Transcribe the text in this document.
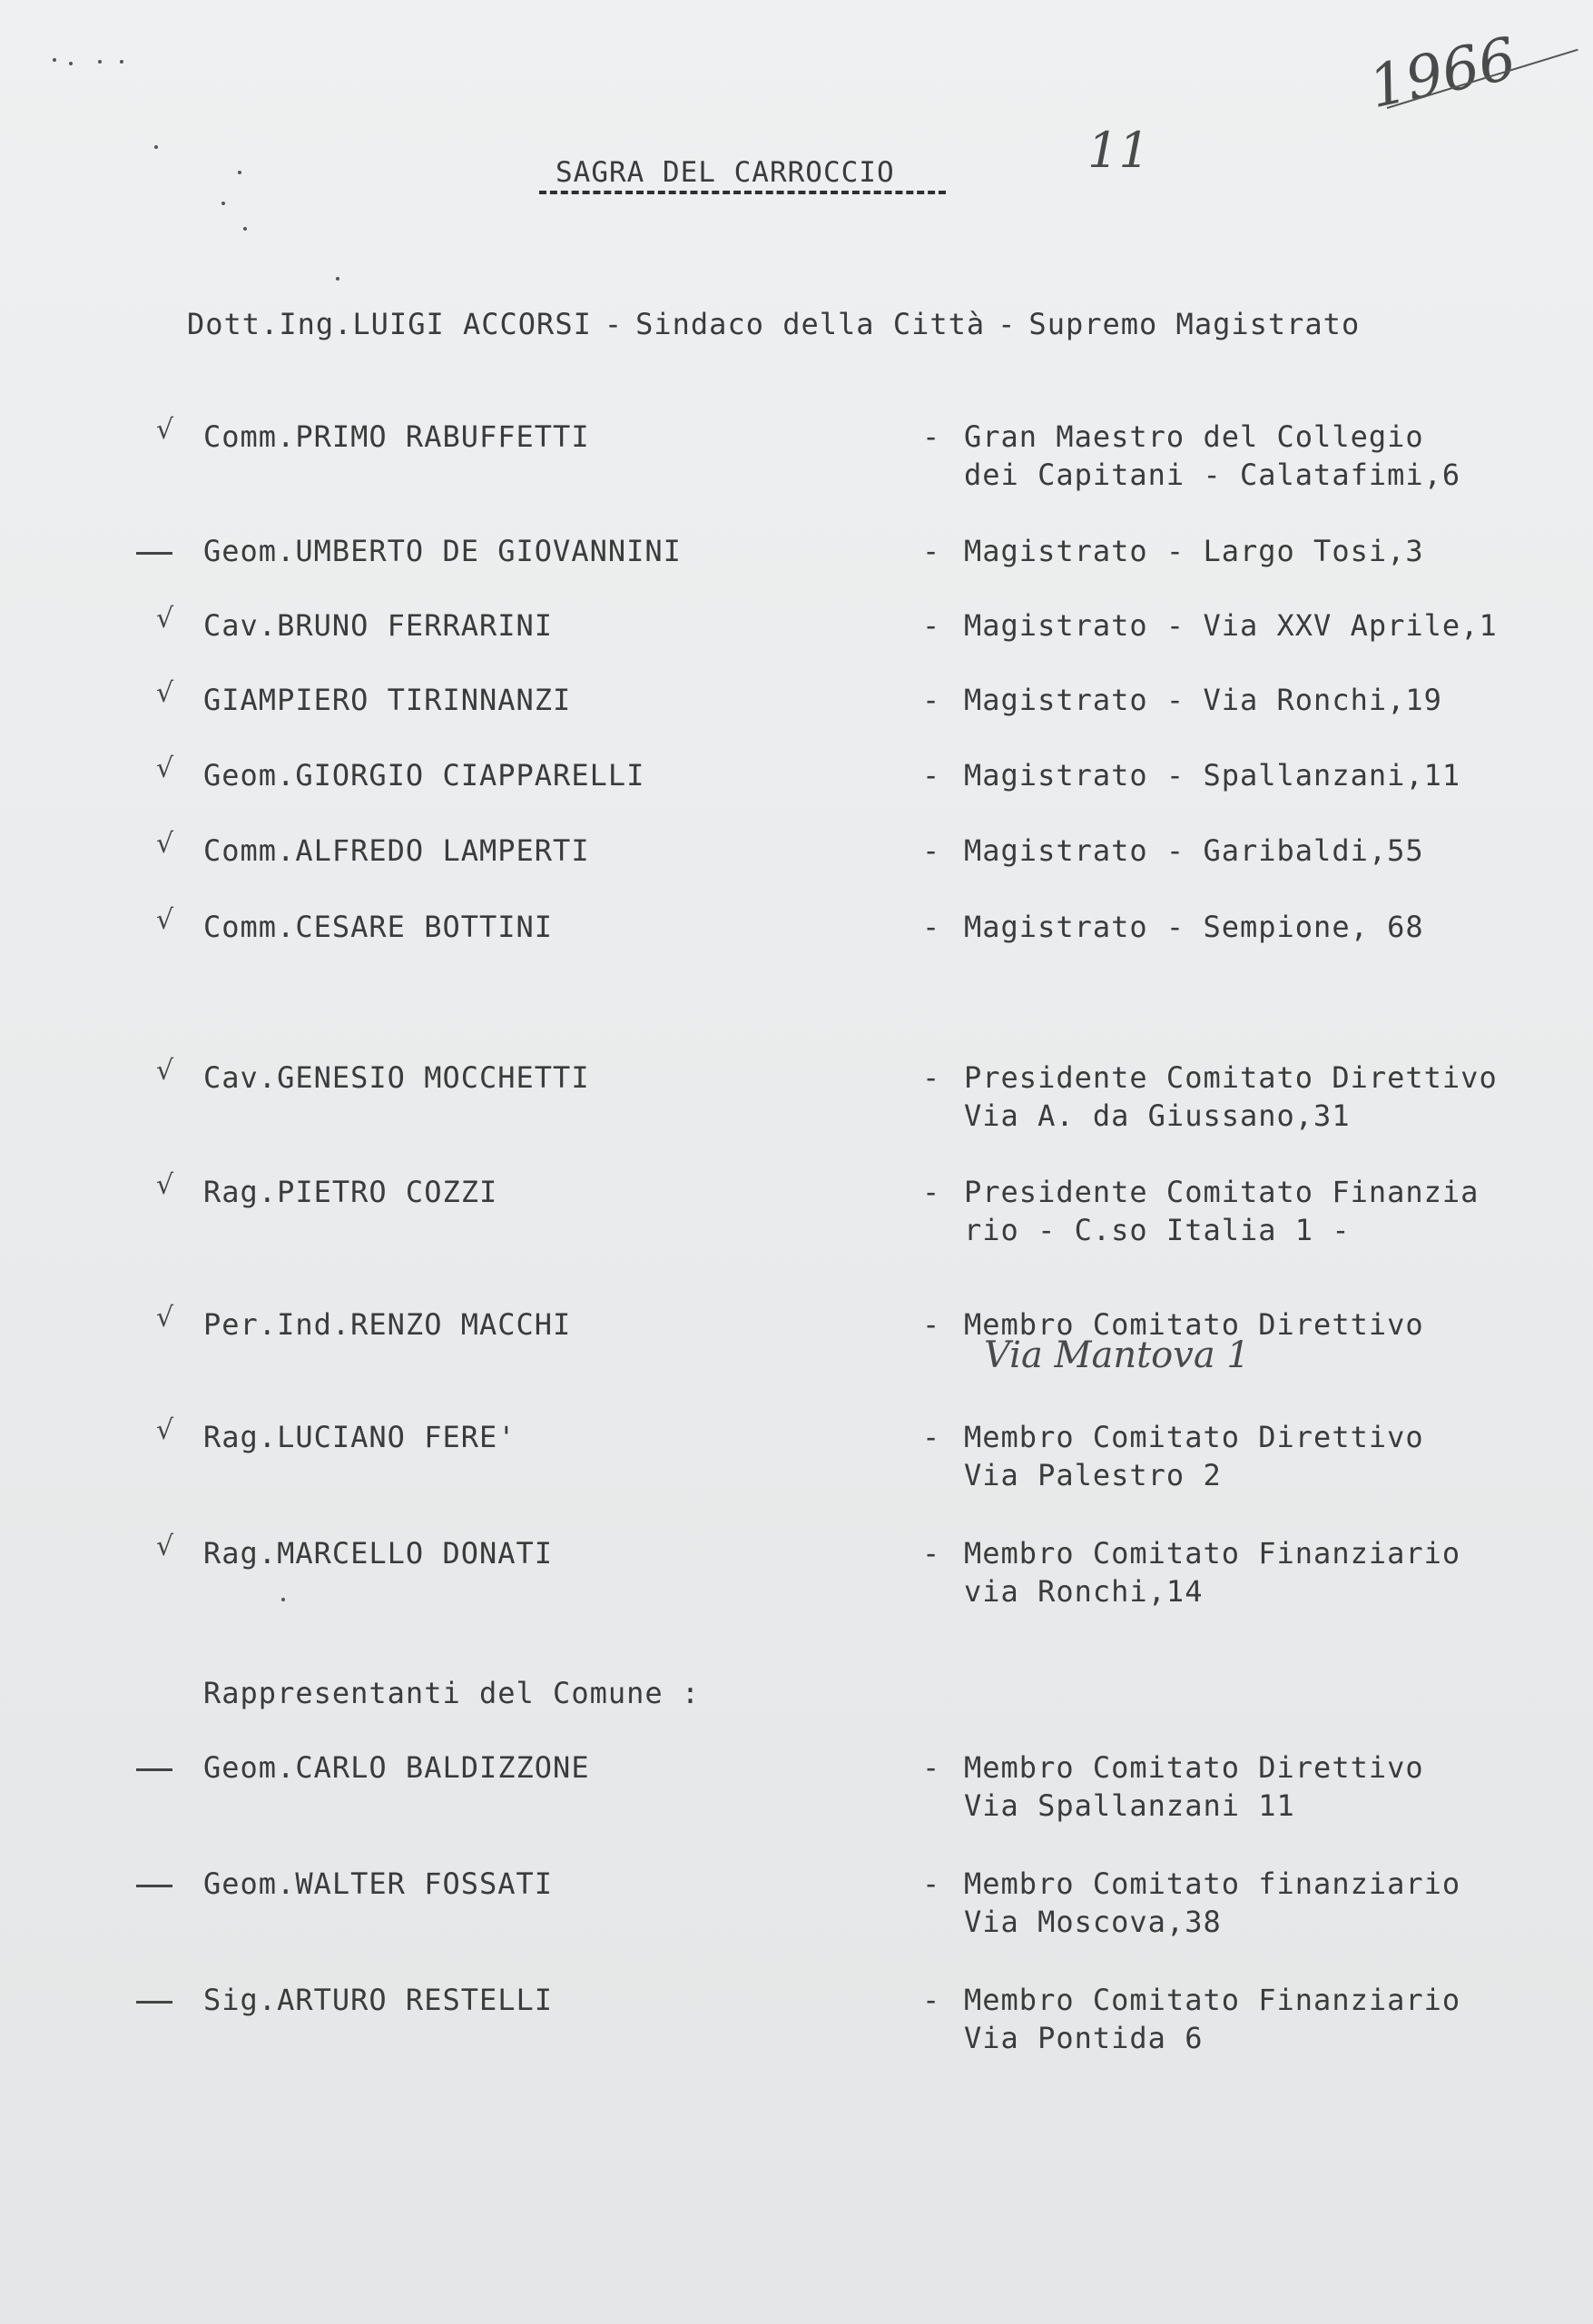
1966
11
SAGRA DEL CARROCCIO
Dott.Ing.LUIGI ACCORSI - Sindaco della Città - Supremo Magistrato
√ Comm.PRIMO RABUFFETTI	- Gran Maestro del Collegio
dei Capitani - Calatafimi,6
Geom.UMBERTO DE GIOVANNINI	- Magistrato - Largo Tosi,3
√ Cav.BRUNO FERRARINI	- Magistrato - Via XXV Aprile,1
√ GIAMPIERO TIRINNANZI	- Magistrato - Via Ronchi,19
√ Geom.GIORGIO CIAPPARELLI	- Magistrato - Spallanzani,11
√ Comm.ALFREDO LAMPERTI	- Magistrato - Garibaldi,55
√ Comm.CESARE BOTTINI	- Magistrato - Sempione, 68
√ Cav.GENESIO MOCCHETTI	- Presidente Comitato Direttivo
Via A. da Giussano,31
√ Rag.PIETRO COZZI	- Presidente Comitato Finanzia
rio - C.so Italia 1 -
√ Per.Ind.RENZO MACCHI	- Membro Comitato Direttivo
Via Mantova 1
√ Rag.LUCIANO FERE'	- Membro Comitato Direttivo
Via Palestro 2
√ Rag.MARCELLO DONATI	- Membro Comitato Finanziario
via Ronchi,14
Rappresentanti del Comune :
Geom.CARLO BALDIZZONE	- Membro Comitato Direttivo
Via Spallanzani 11
Geom.WALTER FOSSATI	- Membro Comitato finanziario
Via Moscova,38
Sig.ARTURO RESTELLI	- Membro Comitato Finanziario
Via Pontida 6
